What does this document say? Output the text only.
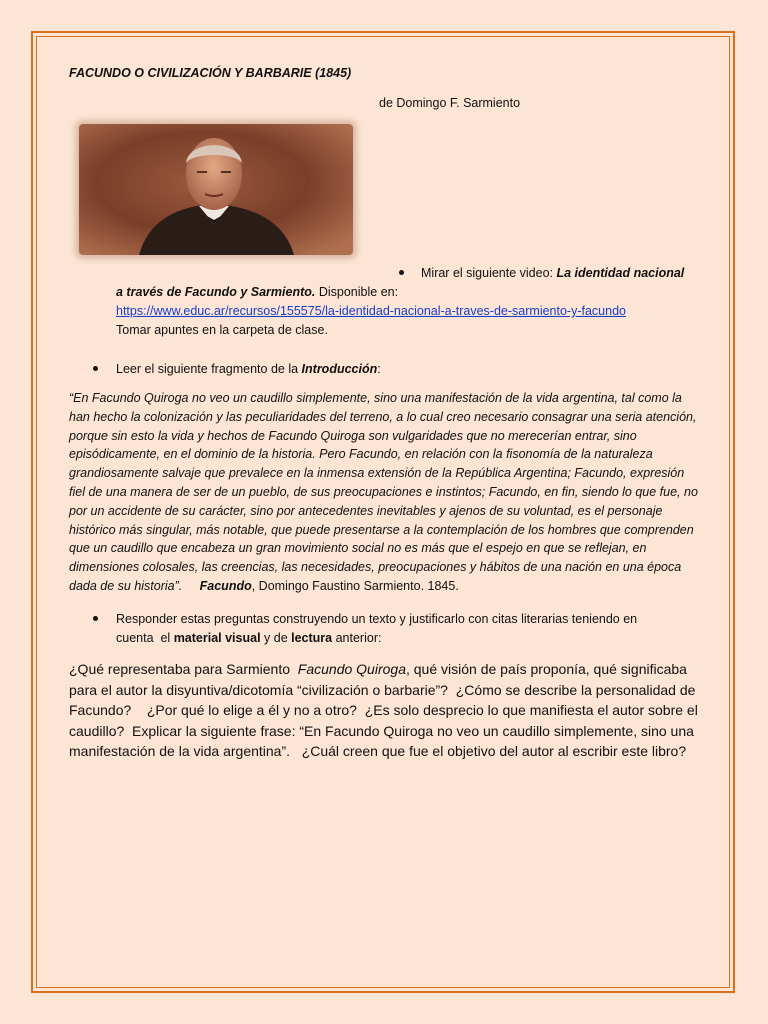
FACUNDO O CIVILIZACIÓN Y BARBARIE (1845)
de Domingo F. Sarmiento
Mirar el siguiente video: La identidad nacional
a través de Facundo y Sarmiento. Disponible en:
https://www.educ.ar/recursos/155575/la-identidad-nacional-a-traves-de-sarmiento-y-facundo
Tomar apuntes en la carpeta de clase.
Leer el siguiente fragmento de la Introducción:
“En Facundo Quiroga no veo un caudillo simplemente, sino una manifestación de la vida argentina, tal como la han hecho la colonización y las peculiaridades del terreno, a lo cual creo necesario consagrar una seria atención, porque sin esto la vida y hechos de Facundo Quiroga son vulgaridades que no merecerían entrar, sino episódicamente, en el dominio de la historia. Pero Facundo, en relación con la fisonomía de la naturaleza grandiosamente salvaje que prevalece en la inmensa extensión de la República Argentina; Facundo, expresión fiel de una manera de ser de un pueblo, de sus preocupaciones e instintos; Facundo, en fin, siendo lo que fue, no por un accidente de su carácter, sino por antecedentes inevitables y ajenos de su voluntad, es el personaje histórico más singular, más notable, que puede presentarse a la contemplación de los hombres que comprenden que un caudillo que encabeza un gran movimiento social no es más que el espejo en que se reflejan, en dimensiones colosales, las creencias, las necesidades, preocupaciones y hábitos de una nación en una época dada de su historia”. Facundo, Domingo Faustino Sarmiento. 1845.
Responder estas preguntas construyendo un texto y justificarlo con citas literarias teniendo en
cuenta  el material visual y de lectura anterior:
¿Qué representaba para Sarmiento  Facundo Quiroga, qué visión de país proponía, qué significaba para el autor la disyuntiva/dicotomía “civilización o barbarie”?  ¿Cómo se describe la personalidad de Facundo?    ¿Por qué lo elige a él y no a otro?  ¿Es solo desprecio lo que manifiesta el autor sobre el caudillo?  Explicar la siguiente frase: “En Facundo Quiroga no veo un caudillo simplemente, sino una manifestación de la vida argentina”.   ¿Cuál creen que fue el objetivo del autor al escribir este libro?
